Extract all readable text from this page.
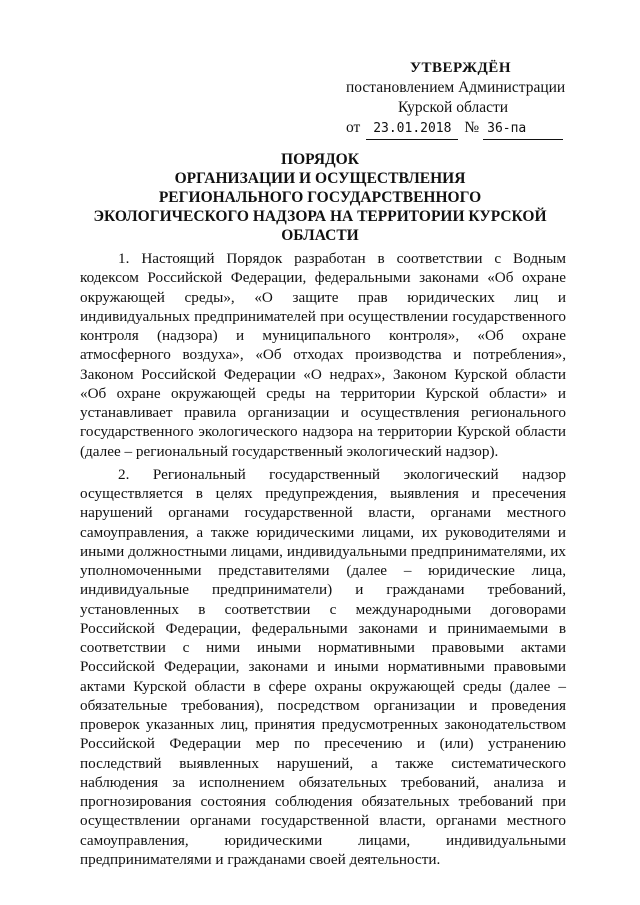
УТВЕРЖДЁН
постановлением Администрации
Курской области
от 23.01.2018 № 36-па
ПОРЯДОК
ОРГАНИЗАЦИИ И ОСУЩЕСТВЛЕНИЯ
РЕГИОНАЛЬНОГО ГОСУДАРСТВЕННОГО
ЭКОЛОГИЧЕСКОГО НАДЗОРА НА ТЕРРИТОРИИ КУРСКОЙ
ОБЛАСТИ

1. Настоящий Порядок разработан в соответствии с Водным кодексом Российской Федерации, федеральными законами «Об охране окружающей среды», «О защите прав юридических лиц и индивидуальных предпринимателей при осуществлении государственного контроля (надзора) и муниципального контроля», «Об охране атмосферного воздуха», «Об отходах производства и потребления», Законом Российской Федерации «О недрах», Законом Курской области «Об охране окружающей среды на территории Курской области» и устанавливает правила организации и осуществления регионального государственного экологического надзора на территории Курской области (далее – региональный государственный экологический надзор).

2. Региональный государственный экологический надзор осуществляется в целях предупреждения, выявления и пресечения нарушений органами государственной власти, органами местного самоуправления, а также юридическими лицами, их руководителями и иными должностными лицами, индивидуальными предпринимателями, их уполномоченными представителями (далее – юридические лица, индивидуальные предприниматели) и гражданами требований, установленных в соответствии с международными договорами Российской Федерации, федеральными законами и принимаемыми в соответствии с ними иными нормативными правовыми актами Российской Федерации, законами и иными нормативными правовыми актами Курской области в сфере охраны окружающей среды (далее – обязательные требования), посредством организации и проведения проверок указанных лиц, принятия предусмотренных законодательством Российской Федерации мер по пресечению и (или) устранению последствий выявленных нарушений, а также систематического наблюдения за исполнением обязательных требований, анализа и прогнозирования состояния соблюдения обязательных требований при осуществлении органами государственной власти, органами местного самоуправления, юридическими лицами, индивидуальными предпринимателями и гражданами своей деятельности.
